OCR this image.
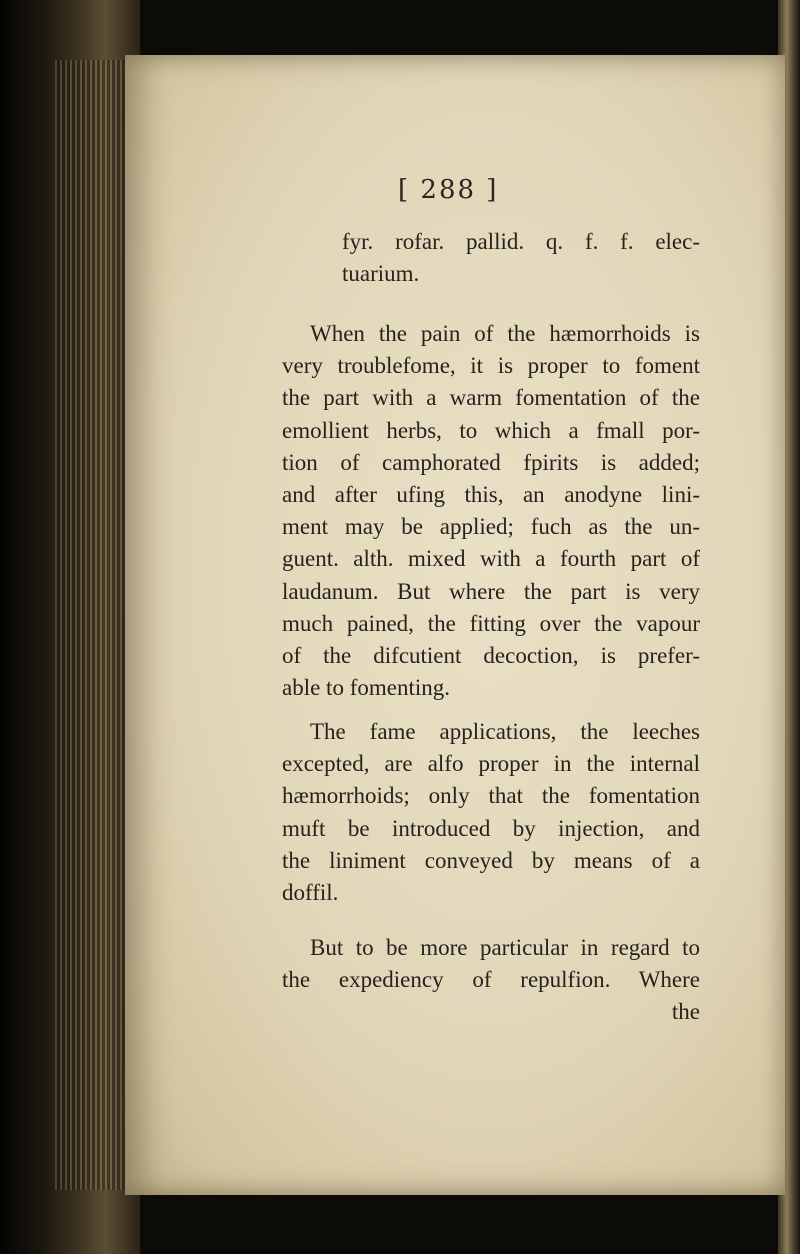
[ 288 ]

fyr. rofar. pallid. q. f. f. elec-
tuarium.

When the pain of the hæmorrhoids is
very troublefome, it is proper to foment
the part with a warm fomentation of the
emollient herbs, to which a fmall por-
tion of camphorated fpirits is added;
and after ufing this, an anodyne lini-
ment may be applied; fuch as the un-
guent. alth. mixed with a fourth part of
laudanum. But where the part is very
much pained, the fitting over the vapour
of the difcutient decoction, is prefer-
able to fomenting.

The fame applications, the leeches
excepted, are alfo proper in the internal
hæmorrhoids; only that the fomentation
muft be introduced by injection, and
the liniment conveyed by means of a
doffil.

But to be more particular in regard to
the expediency of repulfion. Where
the
